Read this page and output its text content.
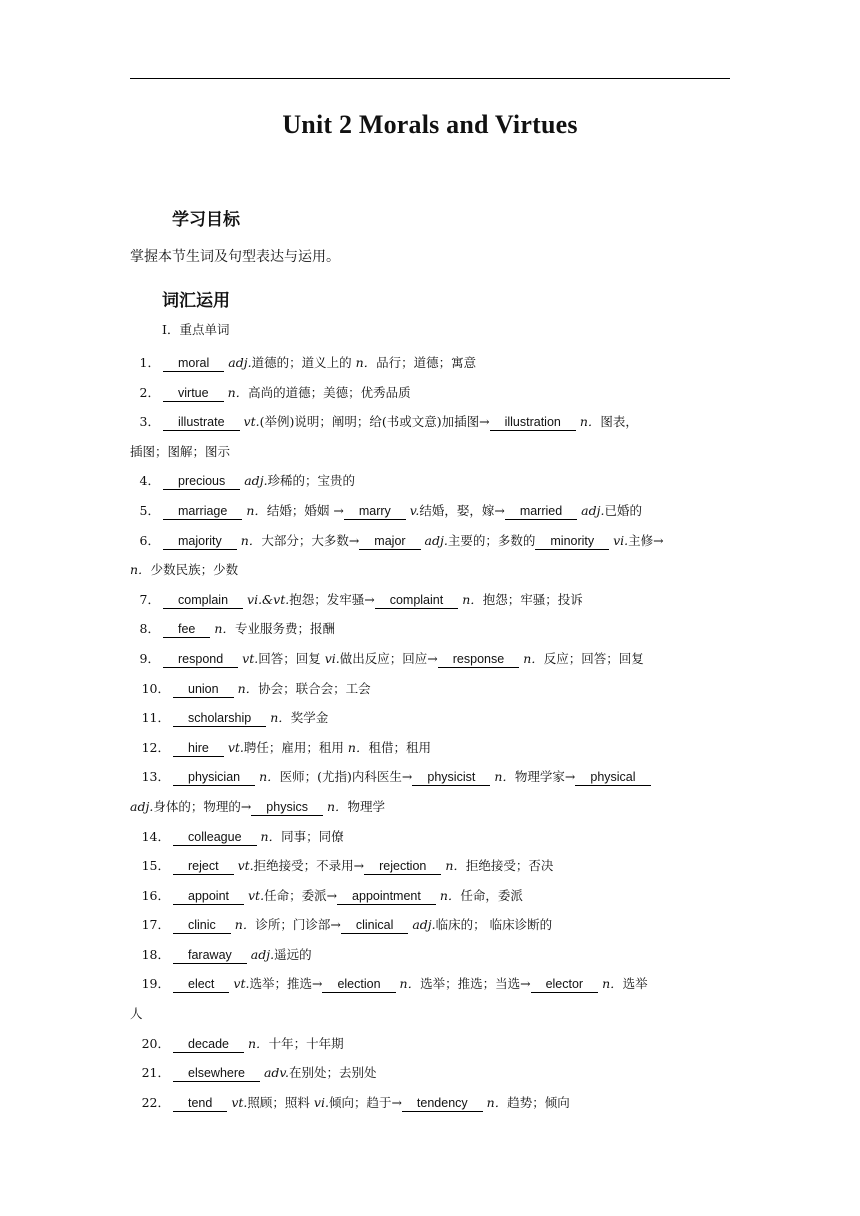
Unit 2 Morals and Virtues
学习目标
掌握本节生词及句型表达与运用。
词汇运用
Ⅰ．重点单词
1． moral adj.道德的；道义上的 n．品行；道德；寓意
2． virtue n．高尚的道德；美德；优秀品质
3． illustrate vt.(举例)说明；阐明；给(书或文意)加插图→ illustration n．图表，
插图；图解；图示
4． precious adj.珍稀的；宝贵的
5． marriage n．结婚；婚姻 → marry v.结婚，娶，嫁→ married adj.已婚的
6． majority n．大部分；大多数→ major adj.主要的；多数的 minority vi.主修→
n．少数民族；少数
7． complain vi.&vt.抱怨；发牢骚→ complaint n．抱怨；牢骚；投诉
8． fee n．专业服务费；报酬
9． respond vt.回答；回复 vi.做出反应；回应→ response n．反应；回答；回复
10． union n．协会；联合会；工会
11． scholarship n．奖学金
12． hire vt.聘任；雇用；租用 n．租借；租用
13． physician n．医师；(尤指)内科医生→ physicist n．物理学家→ physical
adj.身体的；物理的→ physics n．物理学
14． colleague n．同事；同僚
15． reject vt.拒绝接受；不录用→ rejection n．拒绝接受；否决
16． appoint vt.任命；委派→ appointment n．任命，委派
17． clinic n．诊所；门诊部→ clinical adj.临床的； 临床诊断的
18． faraway adj.遥远的
19． elect vt.选举；推选→ election n．选举；推选；当选→ elector n．选举
人
20． decade n．十年；十年期
21． elsewhere adv.在别处；去别处
22． tend vt.照顾；照料 vi.倾向；趋于→ tendency n．趋势；倾向
